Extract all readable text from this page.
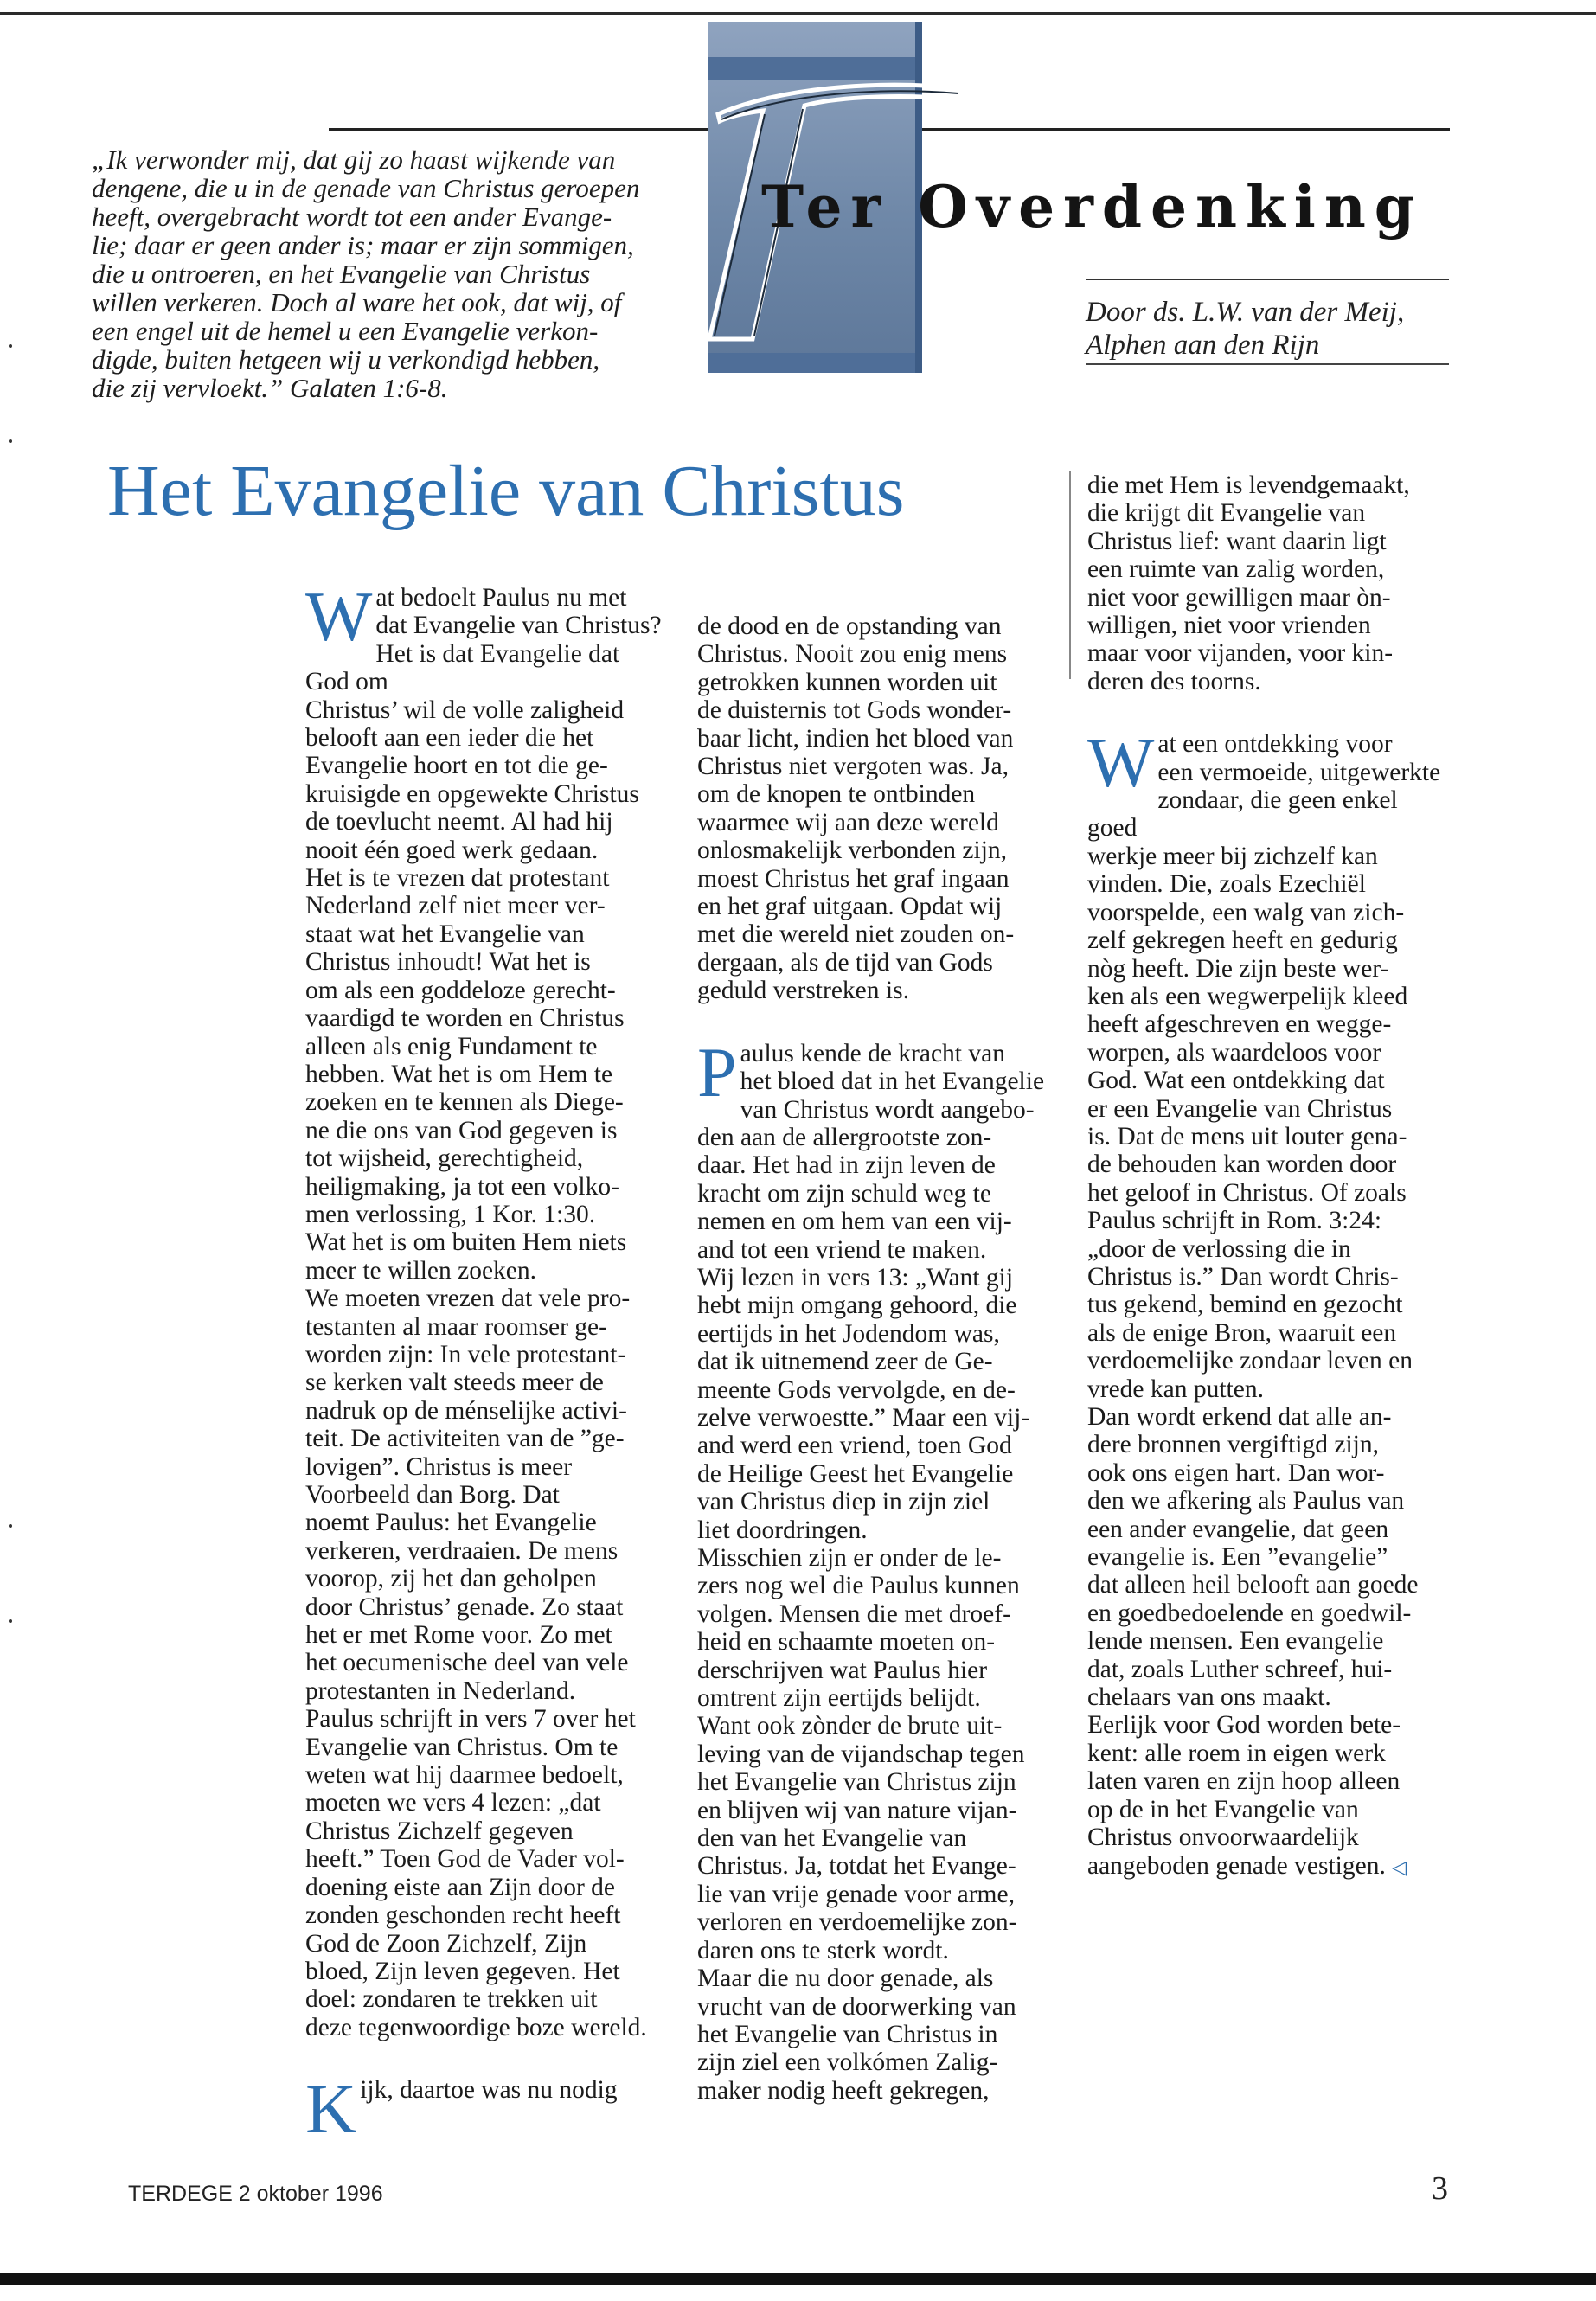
Ter Overdenking
Door ds. L.W. van der Meij,
Alphen aan den Rijn
„Ik verwonder mij, dat gij zo haast wijkende van
dengene, die u in de genade van Christus geroepen
heeft, overgebracht wordt tot een ander Evange-
lie; daar er geen ander is; maar er zijn sommigen,
die u ontroeren, en het Evangelie van Christus
willen verkeren. Doch al ware het ook, dat wij, of
een engel uit de hemel u een Evangelie verkon-
digde, buiten hetgeen wij u verkondigd hebben,
die zij vervloekt.” Galaten 1:6-8.
Het Evangelie van Christus

W at bedoelt Paulus nu met
dat Evangelie van Christus?
Het is dat Evangelie dat God om
Christus’ wil de volle zaligheid
belooft aan een ieder die het
Evangelie hoort en tot die ge-
kruisigde en opgewekte Christus
de toevlucht neemt. Al had hij
nooit één goed werk gedaan.
Het is te vrezen dat protestant
Nederland zelf niet meer ver-
staat wat het Evangelie van
Christus inhoudt! Wat het is
om als een goddeloze gerecht-
vaardigd te worden en Christus
alleen als enig Fundament te
hebben. Wat het is om Hem te
zoeken en te kennen als Diege-
ne die ons van God gegeven is
tot wijsheid, gerechtigheid,
heiligmaking, ja tot een volko-
men verlossing, 1 Kor. 1:30.
Wat het is om buiten Hem niets
meer te willen zoeken.
We moeten vrezen dat vele pro-
testanten al maar roomser ge-
worden zijn: In vele protestant-
se kerken valt steeds meer de
nadruk op de ménselijke activi-
teit. De activiteiten van de ”ge-
lovigen”. Christus is meer
Voorbeeld dan Borg. Dat
noemt Paulus: het Evangelie
verkeren, verdraaien. De mens
voorop, zij het dan geholpen
door Christus’ genade. Zo staat
het er met Rome voor. Zo met
het oecumenische deel van vele
protestanten in Nederland.
Paulus schrijft in vers 7 over het
Evangelie van Christus. Om te
weten wat hij daarmee bedoelt,
moeten we vers 4 lezen: „dat
Christus Zichzelf gegeven
heeft.” Toen God de Vader vol-
doening eiste aan Zijn door de
zonden geschonden recht heeft
God de Zoon Zichzelf, Zijn
bloed, Zijn leven gegeven. Het
doel: zondaren te trekken uit
deze tegenwoordige boze wereld.

K ijk, daartoe was nu nodig

de dood en de opstanding van
Christus. Nooit zou enig mens
getrokken kunnen worden uit
de duisternis tot Gods wonder-
baar licht, indien het bloed van
Christus niet vergoten was. Ja,
om de knopen te ontbinden
waarmee wij aan deze wereld
onlosmakelijk verbonden zijn,
moest Christus het graf ingaan
en het graf uitgaan. Opdat wij
met die wereld niet zouden on-
dergaan, als de tijd van Gods
geduld verstreken is.

P aulus kende de kracht van
het bloed dat in het Evangelie
van Christus wordt aangebo-
den aan de allergrootste zon-
daar. Het had in zijn leven de
kracht om zijn schuld weg te
nemen en om hem van een vij-
and tot een vriend te maken.
Wij lezen in vers 13: „Want gij
hebt mijn omgang gehoord, die
eertijds in het Jodendom was,
dat ik uitnemend zeer de Ge-
meente Gods vervolgde, en de-
zelve verwoestte.” Maar een vij-
and werd een vriend, toen God
de Heilige Geest het Evangelie
van Christus diep in zijn ziel
liet doordringen.
Misschien zijn er onder de le-
zers nog wel die Paulus kunnen
volgen. Mensen die met droef-
heid en schaamte moeten on-
derschrijven wat Paulus hier
omtrent zijn eertijds belijdt.
Want ook zònder de brute uit-
leving van de vijandschap tegen
het Evangelie van Christus zijn
en blijven wij van nature vijan-
den van het Evangelie van
Christus. Ja, totdat het Evange-
lie van vrije genade voor arme,
verloren en verdoemelijke zon-
daren ons te sterk wordt.
Maar die nu door genade, als
vrucht van de doorwerking van
het Evangelie van Christus in
zijn ziel een volkómen Zalig-
maker nodig heeft gekregen,

die met Hem is levendgemaakt,
die krijgt dit Evangelie van
Christus lief: want daarin ligt
een ruimte van zalig worden,
niet voor gewilligen maar òn-
willigen, niet voor vrienden
maar voor vijanden, voor kin-
deren des toorns.

W at een ontdekking voor
een vermoeide, uitgewerkte
zondaar, die geen enkel goed
werkje meer bij zichzelf kan
vinden. Die, zoals Ezechiël
voorspelde, een walg van zich-
zelf gekregen heeft en gedurig
nòg heeft. Die zijn beste wer-
ken als een wegwerpelijk kleed
heeft afgeschreven en wegge-
worpen, als waardeloos voor
God. Wat een ontdekking dat
er een Evangelie van Christus
is. Dat de mens uit louter gena-
de behouden kan worden door
het geloof in Christus. Of zoals
Paulus schrijft in Rom. 3:24:
„door de verlossing die in
Christus is.” Dan wordt Chris-
tus gekend, bemind en gezocht
als de enige Bron, waaruit een
verdoemelijke zondaar leven en
vrede kan putten.
Dan wordt erkend dat alle an-
dere bronnen vergiftigd zijn,
ook ons eigen hart. Dan wor-
den we afkering als Paulus van
een ander evangelie, dat geen
evangelie is. Een ”evangelie”
dat alleen heil belooft aan goede
en goedbedoelende en goedwil-
lende mensen. Een evangelie
dat, zoals Luther schreef, hui-
chelaars van ons maakt.
Eerlijk voor God worden bete-
kent: alle roem in eigen werk
laten varen en zijn hoop alleen
op de in het Evangelie van
Christus onvoorwaardelijk
aangeboden genade vestigen. ◁

TERDEGE 2 oktober 1996	3
